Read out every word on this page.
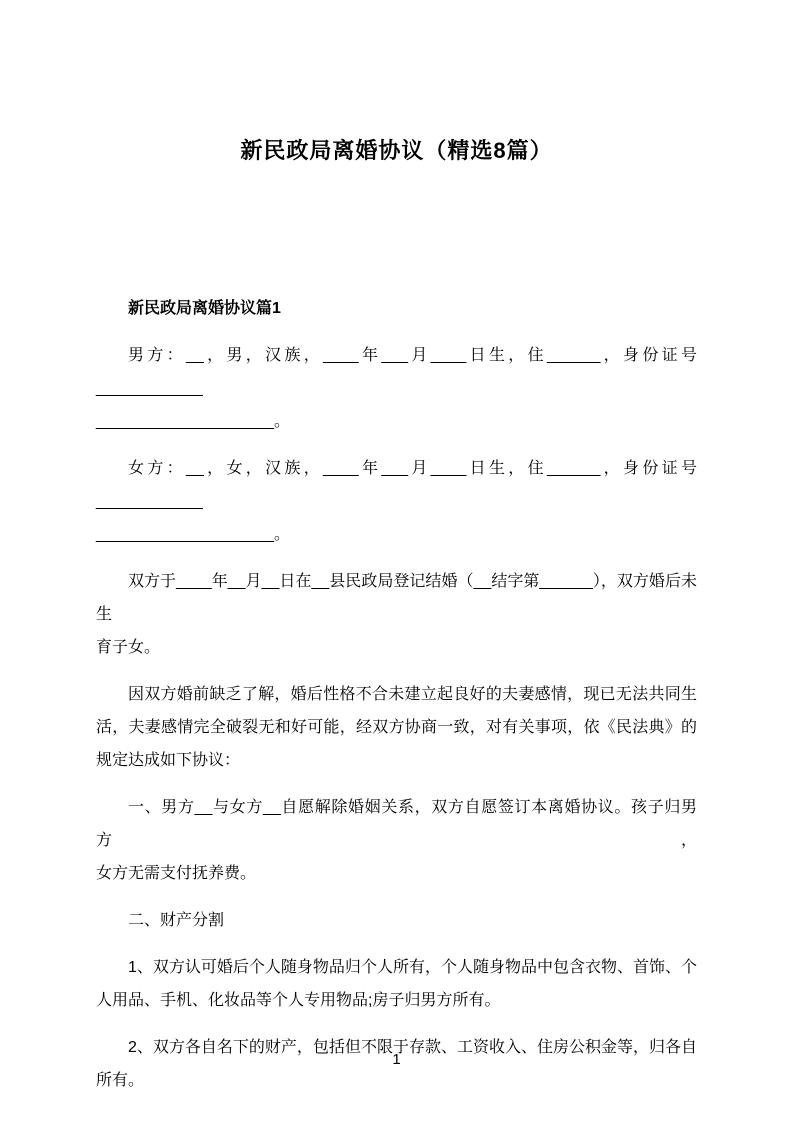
新民政局离婚协议（精选8篇）
新民政局离婚协议篇1
男方：__，男，汉族，____年___月____日生，住______，身份证号____________
____________________。
女方：__，女，汉族，____年___月____日生，住______，身份证号____________
____________________。
双方于____年__月__日在__县民政局登记结婚（__结字第______），双方婚后未生
育子女。
因双方婚前缺乏了解，婚后性格不合未建立起良好的夫妻感情，现已无法共同生
活，夫妻感情完全破裂无和好可能，经双方协商一致，对有关事项，依《民法典》的
规定达成如下协议：
一、男方__与女方__自愿解除婚姻关系，双方自愿签订本离婚协议。孩子归男方，
女方无需支付抚养费。
二、财产分割
1、双方认可婚后个人随身物品归个人所有，个人随身物品中包含衣物、首饰、个
人用品、手机、化妆品等个人专用物品;房子归男方所有。
2、双方各自名下的财产，包括但不限于存款、工资收入、住房公积金等，归各自
所有。
1
